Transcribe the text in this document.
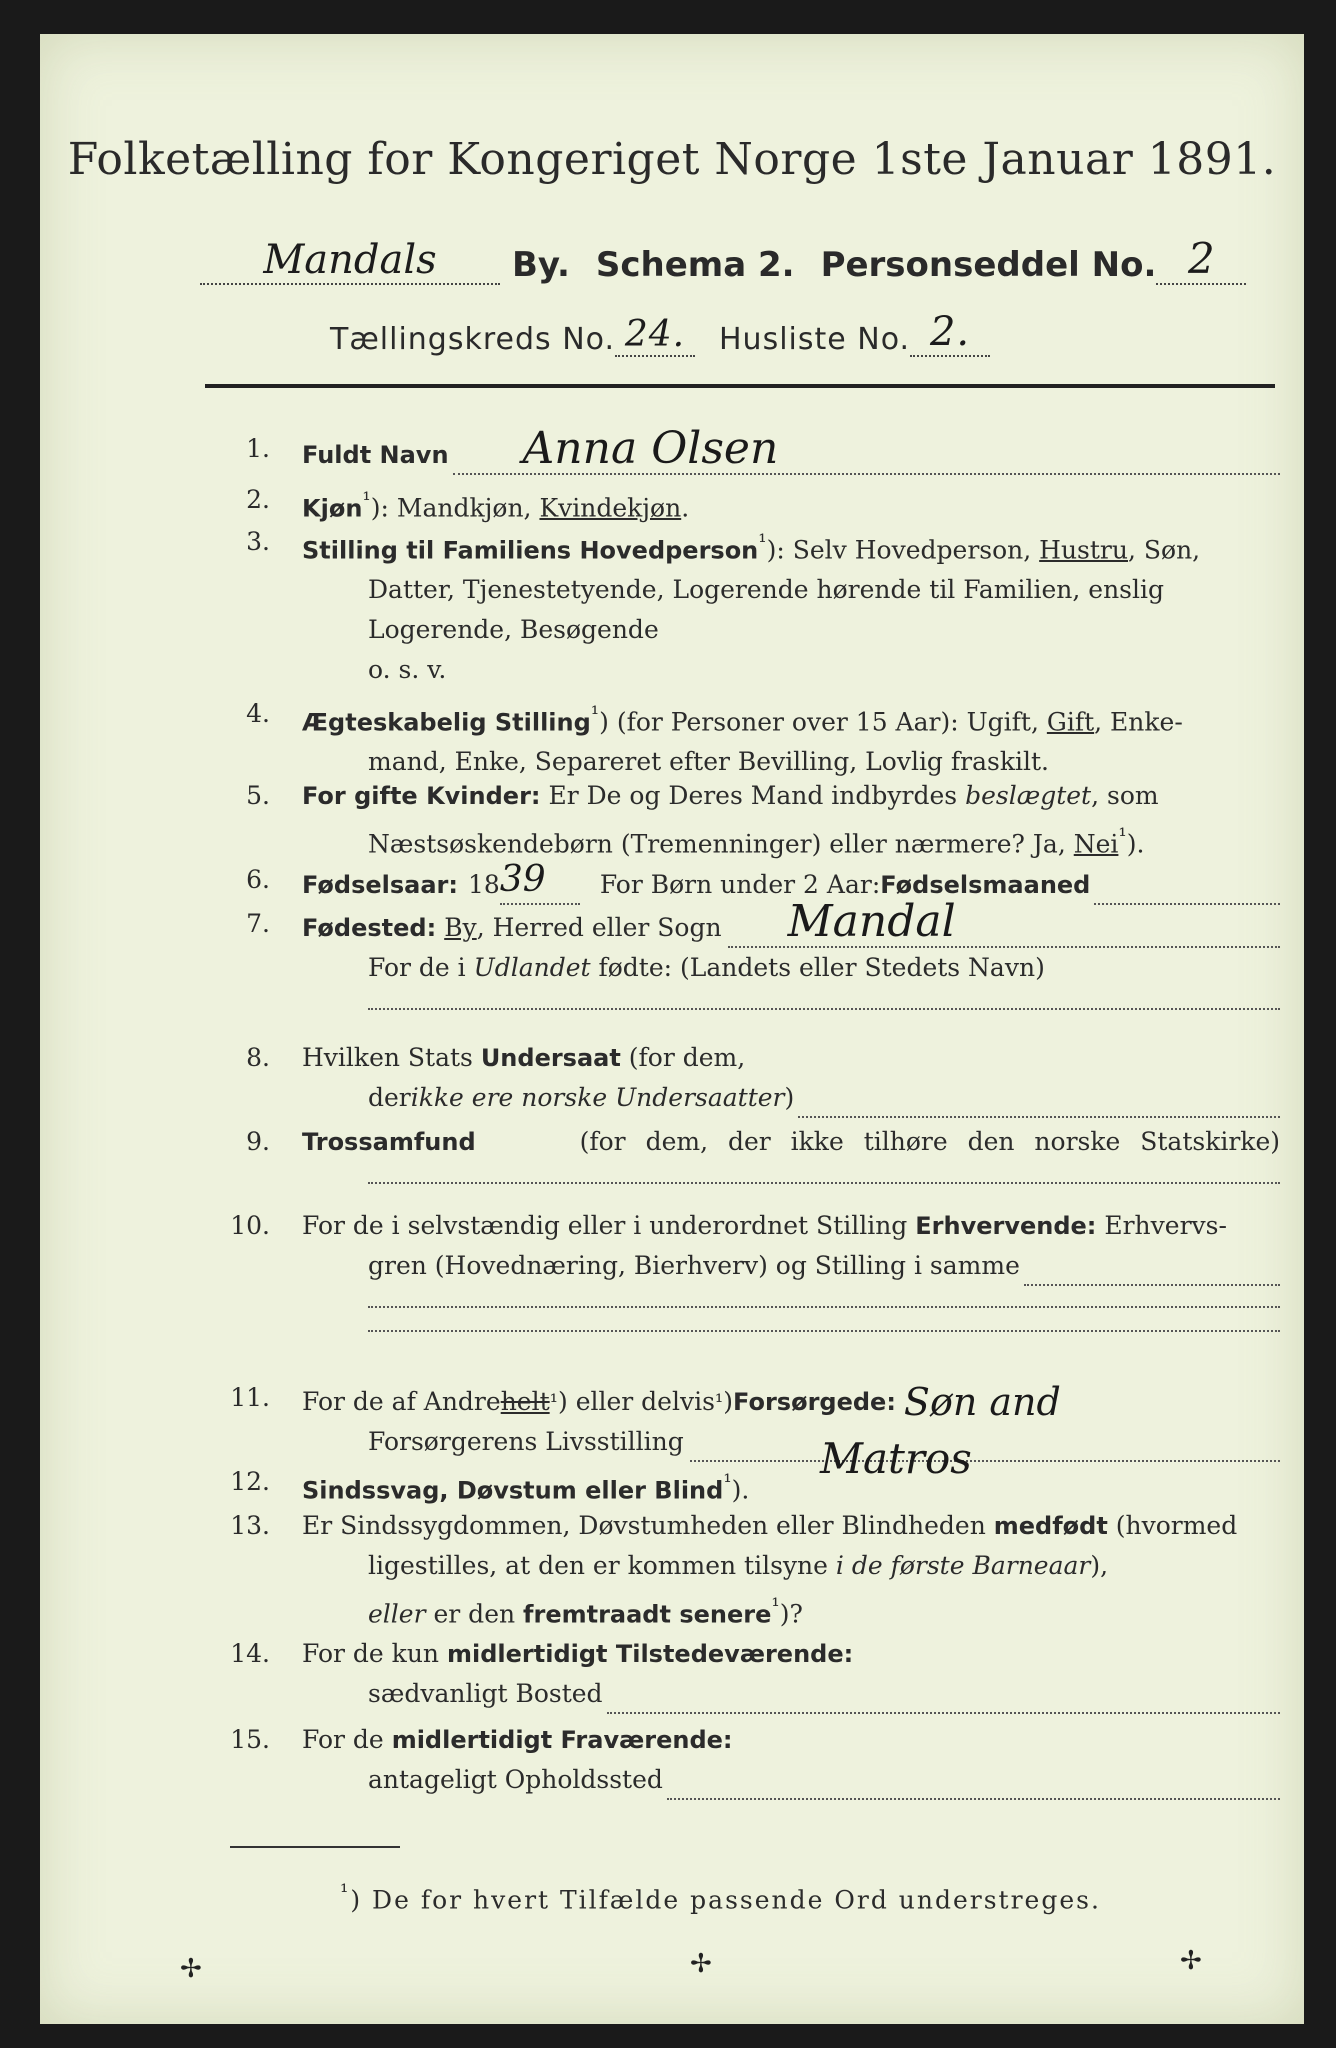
Folketælling for Kongeriget Norge 1ste Januar 1891.
Mandals	By. Schema 2. Personseddel No. 2
Tællingskreds No. 24.	Husliste No. 2.
1. Fuldt Navn	Anna Olsen
2. Kjøn$^{^1}$): Mandkjøn, Kvindekjøn.
3. Stilling til Familiens Hovedperson$^{^1}$): Selv Hovedperson, Hustru, Søn,
Datter, Tjenestetyende, Logerende hørende til Familien, enslig
Logerende, Besøgende
o. s. v.
4. Ægteskabelig Stilling$^{^1}$) (for Personer over 15 Aar): Ugift, Gift, Enke-
mand, Enke, Separeret efter Bevilling, Lovlig fraskilt.
5. For gifte Kvinder: Er De og Deres Mand indbyrdes beslægtet, som
Næstsøskendebørn (Tremenninger) eller nærmere? Ja, Nei$^{^1}$).
6. Fødselsaar: 18 39	For Børn under 2 Aar: Fødselsmaaned
7. Fødested: By , Herred eller Sogn	Mandal
For de i Udlandet fødte: (Landets eller Stedets Navn)
8. Hvilken Stats Undersaat (for dem,
der ikke ere norske Undersaatter )
9. Trossamfund	(for dem, der ikke tilhøre den norske Statskirke)
10. For de i selvstændig eller i underordnet Stilling Erhvervende: Erhvervs-
gren (Hovednæring, Bierhverv) og Stilling i samme
11. For de af Andre helt ¹ ) eller delvis ¹ ) Forsørgede: Søn and
Forsørgerens Livsstilling	Matros
12. Sindssvag, Døvstum eller Blind$^{^1}$).
13. Er Sindssygdommen, Døvstumheden eller Blindheden medfødt (hvormed
ligestilles, at den er kommen tilsyne i de første Barneaar),
eller er den fremtraadt senere$^{^1}$)?
14. For de kun midlertidigt Tilstedeværende:
sædvanligt Bosted
15. For de midlertidigt Fraværende:
antageligt Opholdssted
$^{^1}$) De for hvert Tilfælde passende Ord understreges.
✢	✢	✢
